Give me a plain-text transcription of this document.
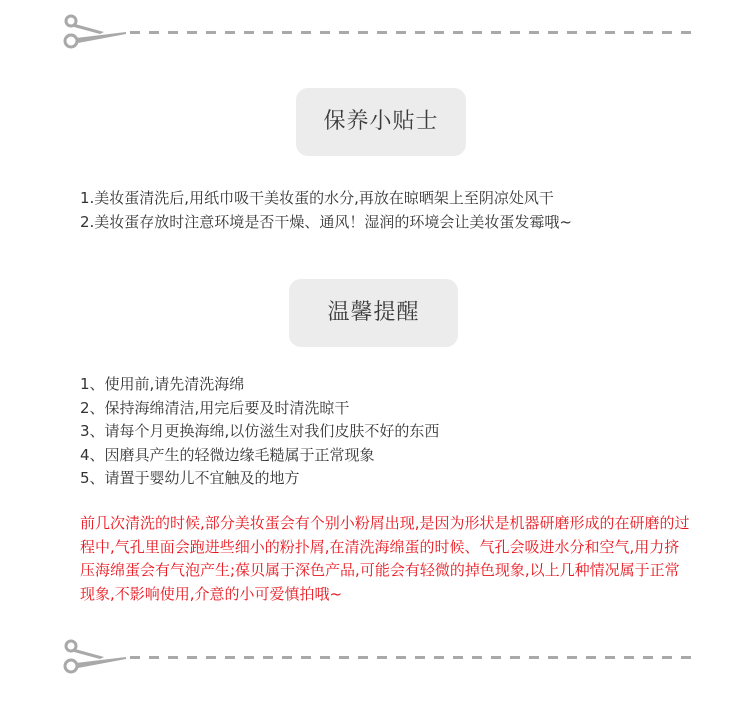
保养小贴士
1.美妆蛋清洗后,用纸巾吸干美妆蛋的水分,再放在晾晒架上至阴凉处风干
2.美妆蛋存放时注意环境是否干燥、通风！湿润的环境会让美妆蛋发霉哦~
温馨提醒
1、使用前,请先清洗海绵
2、保持海绵清洁,用完后要及时清洗晾干
3、请每个月更换海绵,以仿滋生对我们皮肤不好的东西
4、因磨具产生的轻微边缘毛糙属于正常现象
5、请置于婴幼儿不宜触及的地方
前几次清洗的时候,部分美妆蛋会有个别小粉屑出现,是因为形状是机器研磨形成的在研磨的过程中,气孔里面会跑进些细小的粉扑屑,在清洗海绵蛋的时候、气孔会吸进水分和空气,用力挤压海绵蛋会有气泡产生;葆贝属于深色产品,可能会有轻微的掉色现象,以上几种情况属于正常现象,不影响使用,介意的小可爱慎拍哦~
